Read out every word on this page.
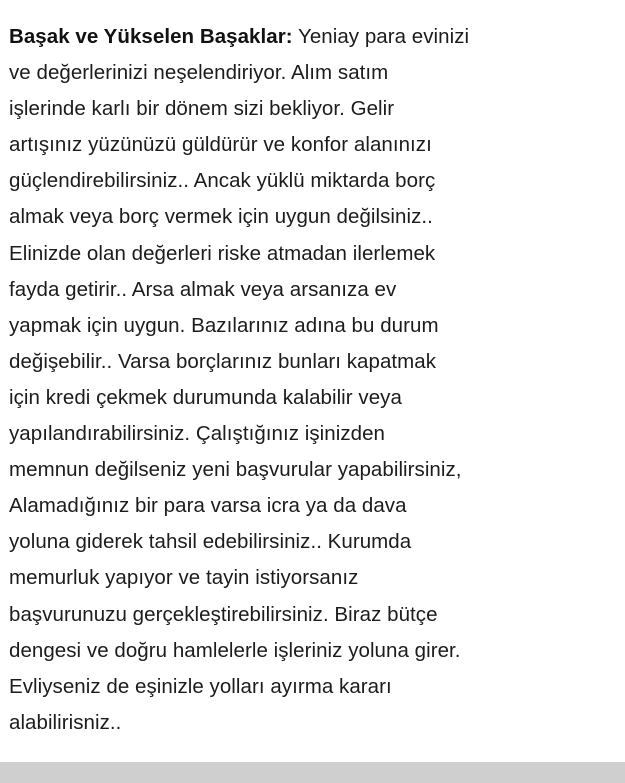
Başak ve Yükselen Başaklar: Yeniay para evinizi
ve değerlerinizi neşelendiriyor. Alım satım
işlerinde karlı bir dönem sizi bekliyor. Gelir
artışınız yüzünüzü güldürür ve konfor alanınızı
güçlendirebilirsiniz.. Ancak yüklü miktarda borç
almak veya borç vermek için uygun değilsiniz..
Elinizde olan değerleri riske atmadan ilerlemek
fayda getirir.. Arsa almak veya arsanıza ev
yapmak için uygun. Bazılarınız adına bu durum
değişebilir.. Varsa borçlarınız bunları kapatmak
için kredi çekmek durumunda kalabilir veya
yapılandırabilirsiniz. Çalıştığınız işinizden
memnun değilseniz yeni başvurular yapabilirsiniz,
Alamadığınız bir para varsa icra ya da dava
yoluna giderek tahsil edebilirsiniz.. Kurumda
memurluk yapıyor ve tayin istiyorsanız
başvurunuzu gerçekleştirebilirsiniz. Biraz bütçe
dengesi ve doğru hamlelerle işleriniz yoluna girer.
Evliyseniz de eşinizle yolları ayırma kararı
alabilirisniz..
